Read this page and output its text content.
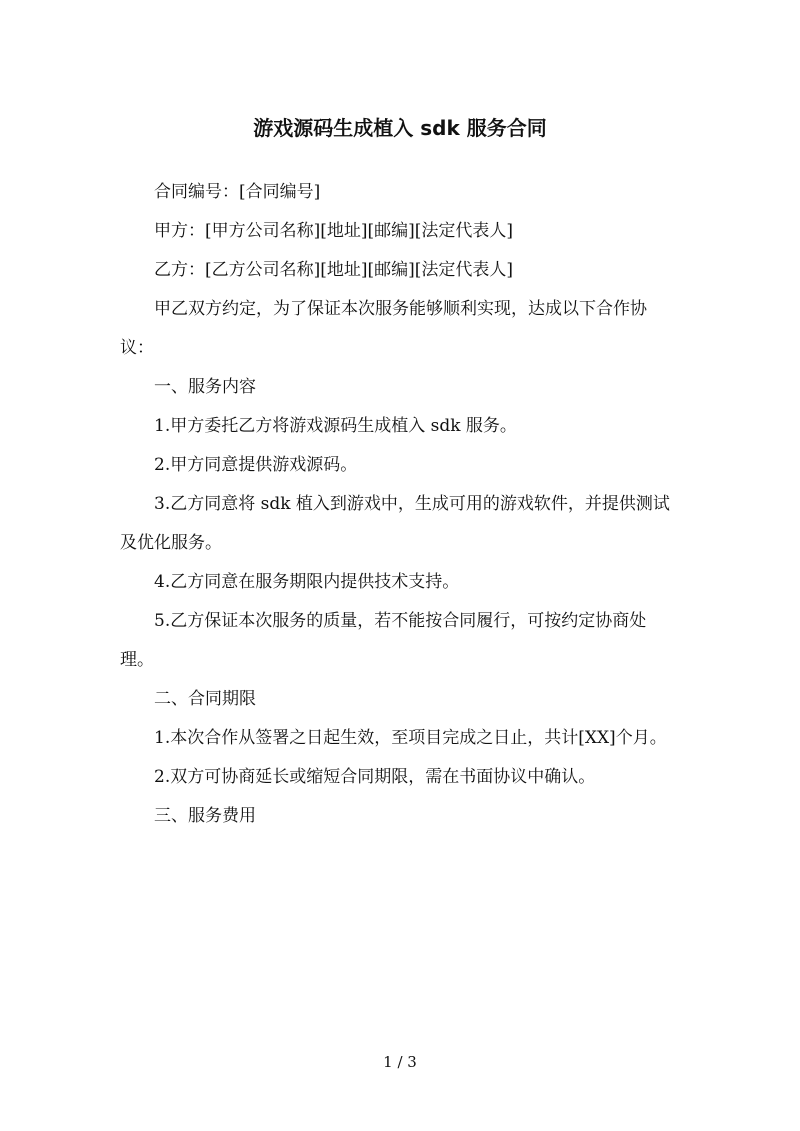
游戏源码生成植入 sdk 服务合同

合同编号：[合同编号]

甲方：[甲方公司名称][地址][邮编][法定代表人]

乙方：[乙方公司名称][地址][邮编][法定代表人]

甲乙双方约定，为了保证本次服务能够顺利实现，达成以下合作协议：

一、服务内容

1.甲方委托乙方将游戏源码生成植入 sdk 服务。

2.甲方同意提供游戏源码。

3.乙方同意将 sdk 植入到游戏中，生成可用的游戏软件，并提供测试及优化服务。

4.乙方同意在服务期限内提供技术支持。

5.乙方保证本次服务的质量，若不能按合同履行，可按约定协商处理。

二、合同期限

1.本次合作从签署之日起生效，至项目完成之日止，共计[XX]个月。

2.双方可协商延长或缩短合同期限，需在书面协议中确认。

三、服务费用

1 / 3
